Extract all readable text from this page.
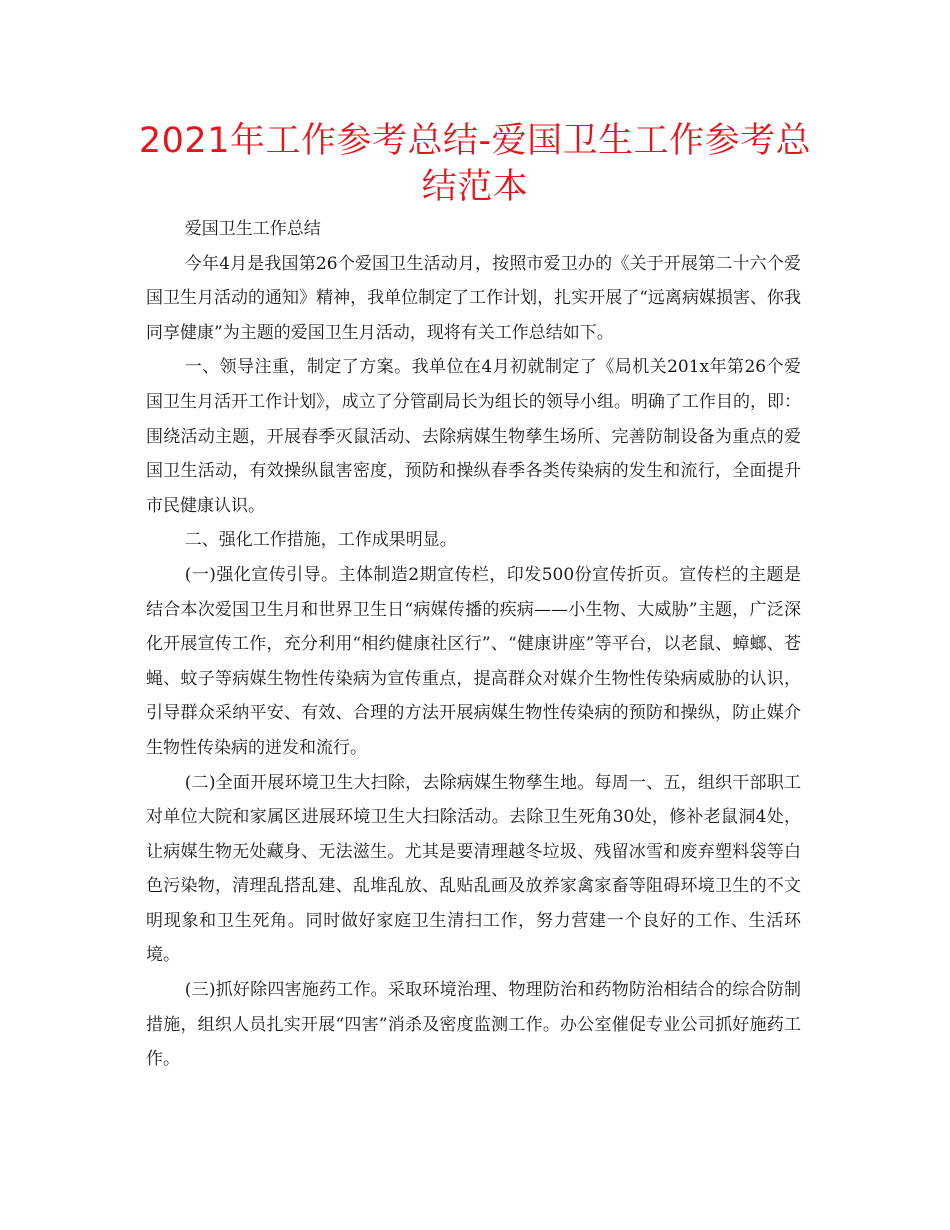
2021年工作参考总结-爱国卫生工作参考总结范本

爱国卫生工作总结

今年4月是我国第26个爱国卫生活动月，按照市爱卫办的《关于开展第二十六个爱国卫生月活动的通知》精神，我单位制定了工作计划，扎实开展了“远离病媒损害、你我同享健康”为主题的爱国卫生月活动，现将有关工作总结如下。

一、领导注重，制定了方案。我单位在4月初就制定了《局机关201x年第26个爱国卫生月活开工作计划》，成立了分管副局长为组长的领导小组。明确了工作目的，即：围绕活动主题，开展春季灭鼠活动、去除病媒生物孳生场所、完善防制设备为重点的爱国卫生活动，有效操纵鼠害密度，预防和操纵春季各类传染病的发生和流行，全面提升市民健康认识。

二、强化工作措施，工作成果明显。

(一)强化宣传引导。主体制造2期宣传栏，印发500份宣传折页。宣传栏的主题是结合本次爱国卫生月和世界卫生日“病媒传播的疾病——小生物、大威胁”主题，广泛深化开展宣传工作，充分利用“相约健康社区行”、“健康讲座”等平台，以老鼠、蟑螂、苍蝇、蚊子等病媒生物性传染病为宣传重点，提高群众对媒介生物性传染病威胁的认识，引导群众采纳平安、有效、合理的方法开展病媒生物性传染病的预防和操纵，防止媒介生物性传染病的迸发和流行。

(二)全面开展环境卫生大扫除，去除病媒生物孳生地。每周一、五，组织干部职工对单位大院和家属区进展环境卫生大扫除活动。去除卫生死角30处，修补老鼠洞4处，让病媒生物无处藏身、无法滋生。尤其是要清理越冬垃圾、残留冰雪和废弃塑料袋等白色污染物，清理乱搭乱建、乱堆乱放、乱贴乱画及放养家禽家畜等阻碍环境卫生的不文明现象和卫生死角。同时做好家庭卫生清扫工作，努力营建一个良好的工作、生活环境。

(三)抓好除四害施药工作。采取环境治理、物理防治和药物防治相结合的综合防制措施，组织人员扎实开展“四害”消杀及密度监测工作。办公室催促专业公司抓好施药工作。
